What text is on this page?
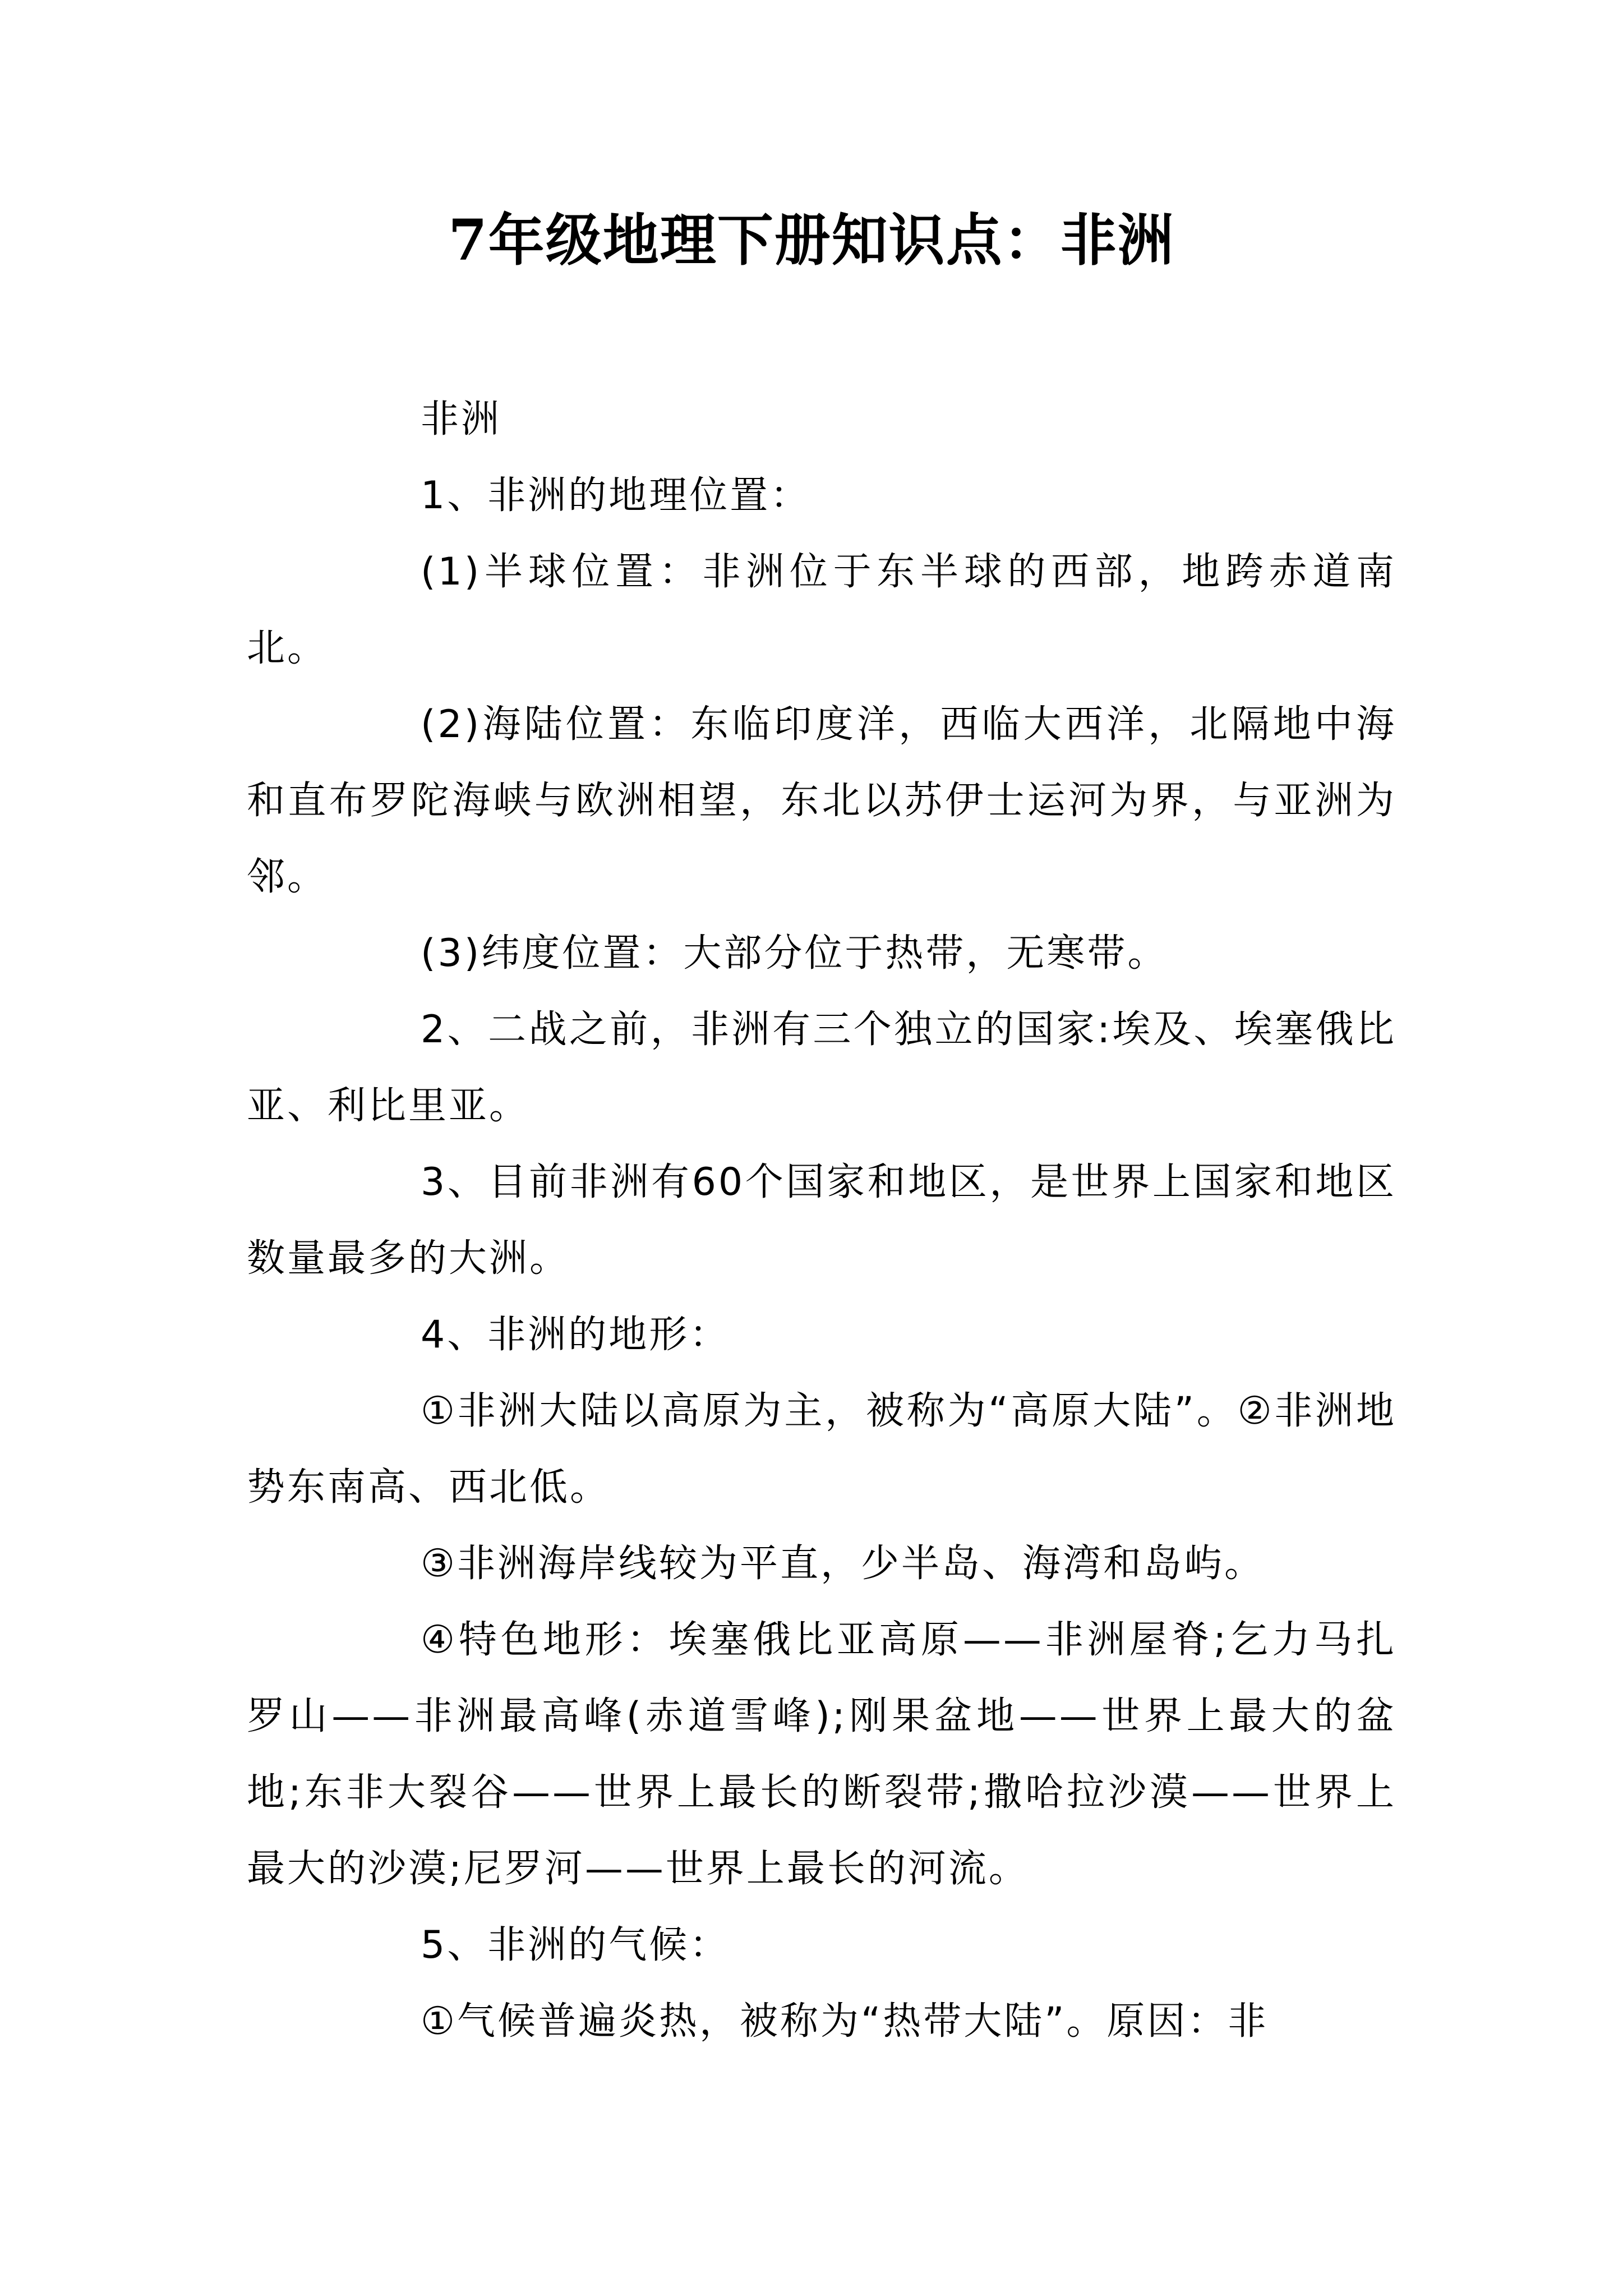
7年级地理下册知识点：非洲

非洲

1、非洲的地理位置：

(1)半球位置：非洲位于东半球的西部，地跨赤道南北。

(2)海陆位置：东临印度洋，西临大西洋，北隔地中海和直布罗陀海峡与欧洲相望，东北以苏伊士运河为界，与亚洲为邻。

(3)纬度位置：大部分位于热带，无寒带。

2、二战之前，非洲有三个独立的国家:埃及、埃塞俄比亚、利比里亚。

3、目前非洲有60个国家和地区，是世界上国家和地区数量最多的大洲。

4、非洲的地形：

①非洲大陆以高原为主，被称为“高原大陆”。②非洲地势东南高、西北低。

③非洲海岸线较为平直，少半岛、海湾和岛屿。

④特色地形：埃塞俄比亚高原——非洲屋脊;乞力马扎罗山——非洲最高峰(赤道雪峰);刚果盆地——世界上最大的盆地;东非大裂谷——世界上最长的断裂带;撒哈拉沙漠——世界上最大的沙漠;尼罗河——世界上最长的河流。

5、非洲的气候：

①气候普遍炎热，被称为“热带大陆”。原因：非
